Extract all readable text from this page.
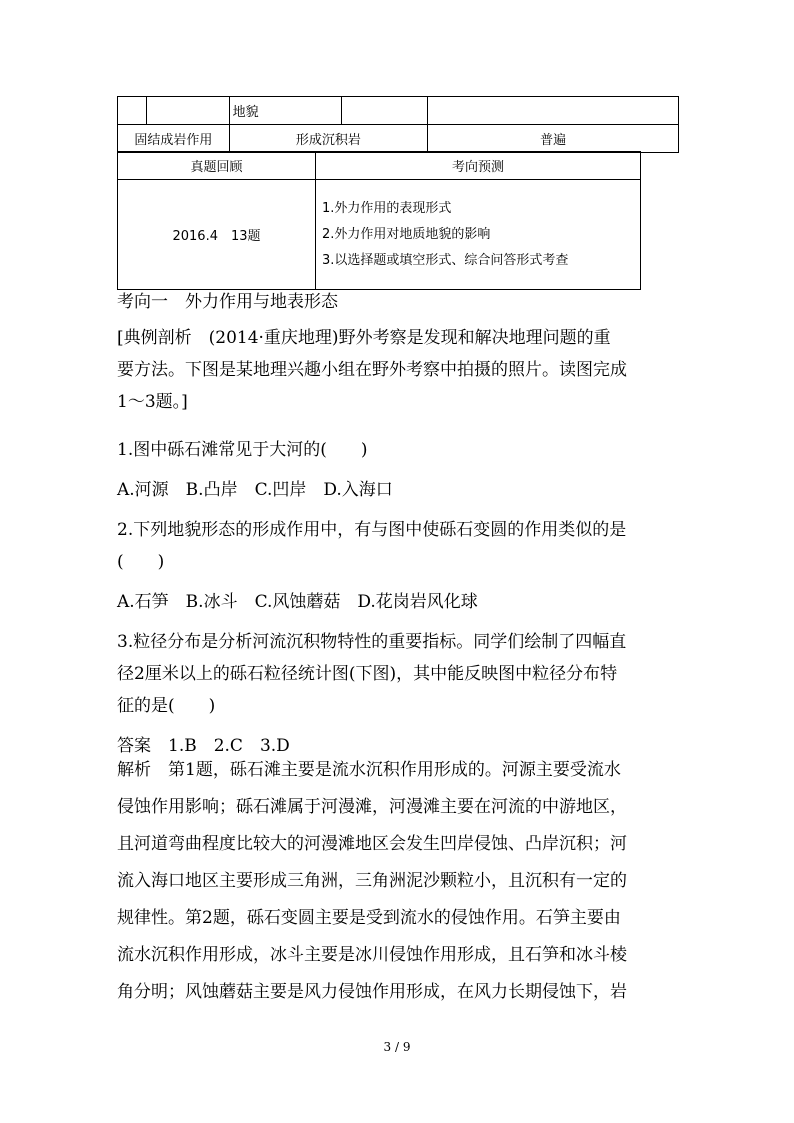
		地貌		
固结成岩作用		形成沉积岩		普遍
真题回顾	考向预测
2016.4　13题	1.外力作用的表现形式
2.外力作用对地质地貌的影响
3.以选择题或填空形式、综合问答形式考查
考向一　外力作用与地表形态
[典例剖析　(2014·重庆地理)野外考察是发现和解决地理问题的重
要方法。下图是某地理兴趣小组在野外考察中拍摄的照片。读图完成
1～3题。]
1.图中砾石滩常见于大河的(　　)
A.河源　B.凸岸　C.凹岸　D.入海口
2.下列地貌形态的形成作用中，有与图中使砾石变圆的作用类似的是
(　　)
A.石笋　B.冰斗　C.风蚀蘑菇　D.花岗岩风化球
3.粒径分布是分析河流沉积物特性的重要指标。同学们绘制了四幅直
径2厘米以上的砾石粒径统计图(下图)，其中能反映图中粒径分布特
征的是(　　)
答案　1.B　2.C　3.D
解析　第1题，砾石滩主要是流水沉积作用形成的。河源主要受流水
侵蚀作用影响；砾石滩属于河漫滩，河漫滩主要在河流的中游地区，
且河道弯曲程度比较大的河漫滩地区会发生凹岸侵蚀、凸岸沉积；河
流入海口地区主要形成三角洲，三角洲泥沙颗粒小，且沉积有一定的
规律性。第2题，砾石变圆主要是受到流水的侵蚀作用。石笋主要由
流水沉积作用形成，冰斗主要是冰川侵蚀作用形成，且石笋和冰斗棱
角分明；风蚀蘑菇主要是风力侵蚀作用形成，在风力长期侵蚀下，岩
3 / 9
